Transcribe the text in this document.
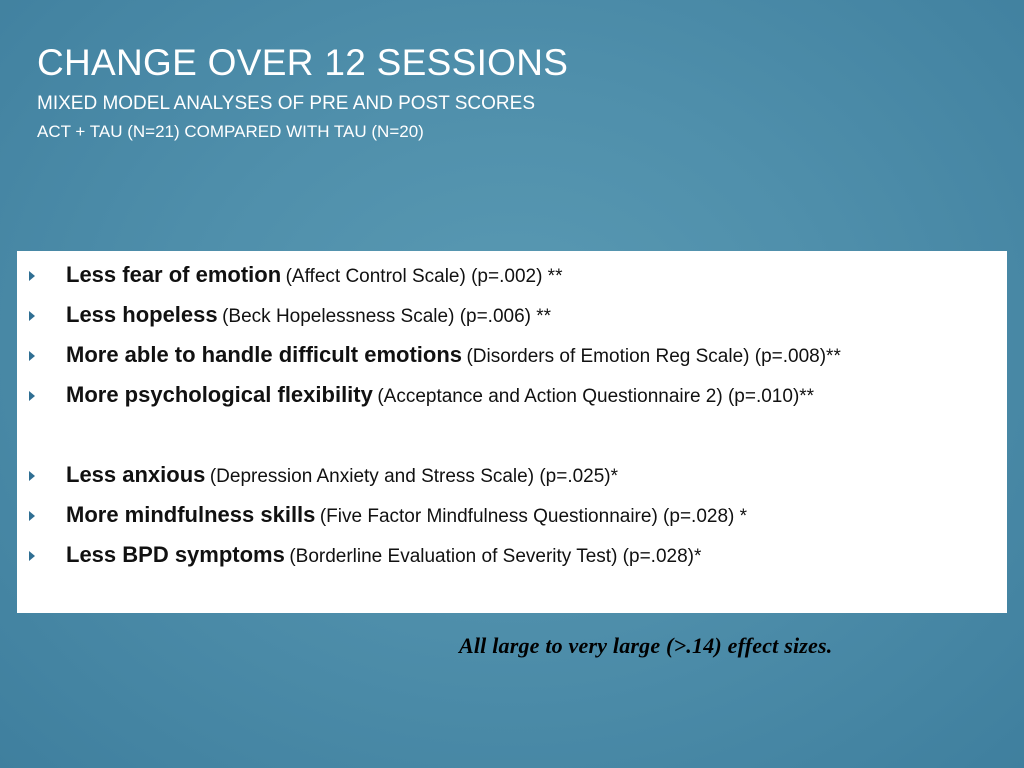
CHANGE OVER 12 SESSIONS
MIXED MODEL ANALYSES OF PRE AND POST SCORES
ACT + TAU (N=21) COMPARED WITH TAU (N=20)
Less fear of emotion (Affect Control Scale) (p=.002) **
Less hopeless (Beck Hopelessness Scale) (p=.006) **
More able to handle difficult emotions (Disorders of Emotion Reg Scale) (p=.008)**
More psychological flexibility (Acceptance and Action Questionnaire 2) (p=.010)**
Less anxious (Depression Anxiety and Stress Scale) (p=.025)*
More mindfulness skills (Five Factor Mindfulness Questionnaire) (p=.028) *
Less BPD symptoms (Borderline Evaluation of Severity Test) (p=.028)*
All large to very large (>.14) effect sizes.
